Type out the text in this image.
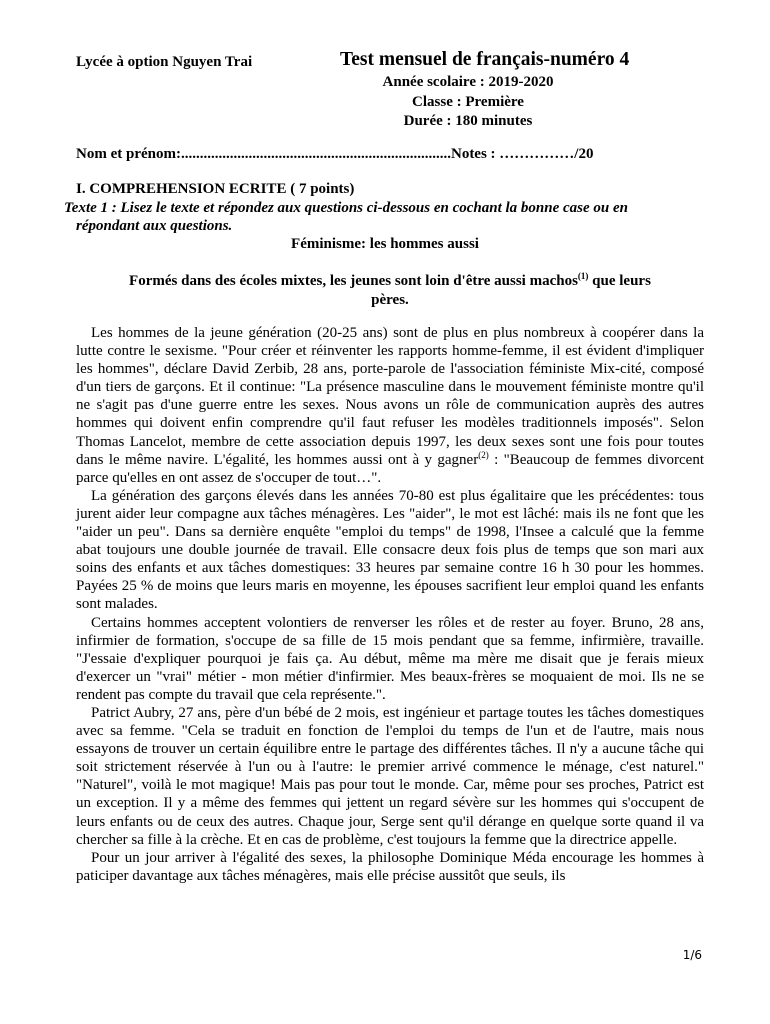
Lycée à option Nguyen Trai	Test mensuel de français-numéro 4
Année scolaire : 2019-2020
Classe : Première
Durée : 180 minutes
Nom et prénom:........................................................................Notes : ……………/20
I. COMPREHENSION ECRITE ( 7 points)
Texte 1 : Lisez le texte et répondez aux questions ci-dessous en cochant la bonne case ou en
répondant aux questions.
Féminisme: les hommes aussi
Formés dans des écoles mixtes, les jeunes sont loin d'être aussi machos$^{(1)}$ que leurs pères.

Les hommes de la jeune génération (20-25 ans) sont de plus en plus nombreux à coopérer dans la lutte contre le sexisme. "Pour créer et réinventer les rapports homme-femme, il est évident d'impliquer les hommes", déclare David Zerbib, 28 ans, porte-parole de l'association féministe Mix-cité, composé d'un tiers de garçons. Et il continue: "La présence masculine dans le mouvement féministe montre qu'il ne s'agit pas d'une guerre entre les sexes. Nous avons un rôle de communication auprès des autres hommes qui doivent enfin comprendre qu'il faut refuser les modèles traditionnels imposés". Selon Thomas Lancelot, membre de cette association depuis 1997, les deux sexes sont une fois pour toutes dans le même navire. L'égalité, les hommes aussi ont à y gagner$^{(2)}$ : "Beaucoup de femmes divorcent parce qu'elles en ont assez de s'occuper de tout…".

La génération des garçons élevés dans les années 70-80 est plus égalitaire que les précédentes: tous jurent aider leur compagne aux tâches ménagères. Les "aider", le mot est lâché: mais ils ne font que les "aider un peu". Dans sa dernière enquête "emploi du temps" de 1998, l'Insee a calculé que la femme abat toujours une double journée de travail. Elle consacre deux fois plus de temps que son mari aux soins des enfants et aux tâches domestiques: 33 heures par semaine contre 16 h 30 pour les hommes. Payées 25 % de moins que leurs maris en moyenne, les épouses sacrifient leur emploi quand les enfants sont malades.

Certains hommes acceptent volontiers de renverser les rôles et de rester au foyer. Bruno, 28 ans, infirmier de formation, s'occupe de sa fille de 15 mois pendant que sa femme, infirmière, travaille. "J'essaie d'expliquer pourquoi je fais ça. Au début, même ma mère me disait que je ferais mieux d'exercer un "vrai" métier - mon métier d'infirmier. Mes beaux-frères se moquaient de moi. Ils ne se rendent pas compte du travail que cela représente.".

Patrict Aubry, 27 ans, père d'un bébé de 2 mois, est ingénieur et partage toutes les tâches domestiques avec sa femme. "Cela se traduit en fonction de l'emploi du temps de l'un et de l'autre, mais nous essayons de trouver un certain équilibre entre le partage des différentes tâches. Il n'y a aucune tâche qui soit strictement réservée à l'un ou à l'autre: le premier arrivé commence le ménage, c'est naturel." "Naturel", voilà le mot magique! Mais pas pour tout le monde. Car, même pour ses proches, Patrict est un exception. Il y a même des femmes qui jettent un regard sévère sur les hommes qui s'occupent de leurs enfants ou de ceux des autres. Chaque jour, Serge sent qu'il dérange en quelque sorte quand il va chercher sa fille à la crèche. Et en cas de problème, c'est toujours la femme que la directrice appelle.

Pour un jour arriver à l'égalité des sexes, la philosophe Dominique Méda encourage les hommes à paticiper davantage aux tâches ménagères, mais elle précise aussitôt que seuls, ils

1/6
